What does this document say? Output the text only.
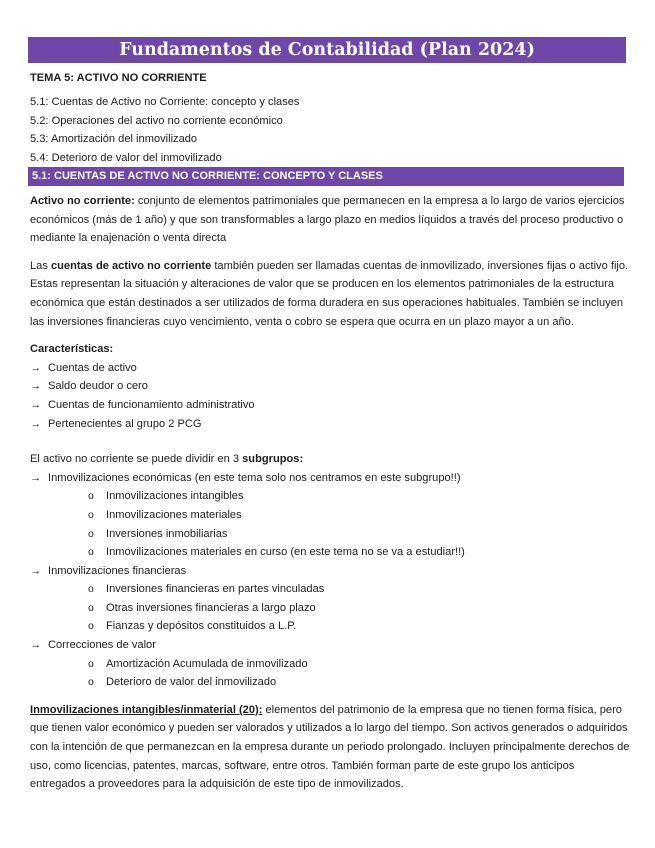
Fundamentos de Contabilidad (Plan 2024)
TEMA 5: ACTIVO NO CORRIENTE
5.1: Cuentas de Activo no Corriente: concepto y clases
5.2: Operaciones del activo no corriente económico
5.3: Amortización del inmovilizado
5.4: Deterioro de valor del inmovilizado
5.1: CUENTAS DE ACTIVO NO CORRIENTE: CONCEPTO Y CLASES

Activo no corriente: conjunto de elementos patrimoniales que permanecen en la empresa a lo largo de varios ejercicios económicos (más de 1 año) y que son transformables a largo plazo en medios líquidos a través del proceso productivo o mediante la enajenación o venta directa

Las cuentas de activo no corriente también pueden ser llamadas cuentas de inmovilizado, inversiones fijas o activo fijo. Estas representan la situación y alteraciones de valor que se producen en los elementos patrimoniales de la estructura económica que están destinados a ser utilizados de forma duradera en sus operaciones habituales. También se incluyen las inversiones financieras cuyo vencimiento, venta o cobro se espera que ocurra en un plazo mayor a un año.

Características:
→ Cuentas de activo
→ Saldo deudor o cero
→ Cuentas de funcionamiento administrativo
→ Pertenecientes al grupo 2 PCG
El activo no corriente se puede dividir en 3 subgrupos:
→ Inmovilizaciones económicas (en este tema solo nos centramos en este subgrupo!!)
o Inmovilizaciones intangibles
o Inmovilizaciones materiales
o Inversiones inmobiliarias
o Inmovilizaciones materiales en curso (en este tema no se va a estudiar!!)
→ Inmovilizaciones financieras
o Inversiones financieras en partes vinculadas
o Otras inversiones financieras a largo plazo
o Fianzas y depósitos constituidos a L.P.
→ Correcciones de valor
o Amortización Acumulada de inmovilizado
o Deterioro de valor del inmovilizado

Inmovilizaciones intangibles/inmaterial (20): elementos del patrimonio de la empresa que no tienen forma física, pero que tienen valor económico y pueden ser valorados y utilizados a lo largo del tiempo. Son activos generados o adquiridos con la intención de que permanezcan en la empresa durante un periodo prolongado. Incluyen principalmente derechos de uso, como licencias, patentes, marcas, software, entre otros. También forman parte de este grupo los anticipos entregados a proveedores para la adquisición de este tipo de inmovilizados.
